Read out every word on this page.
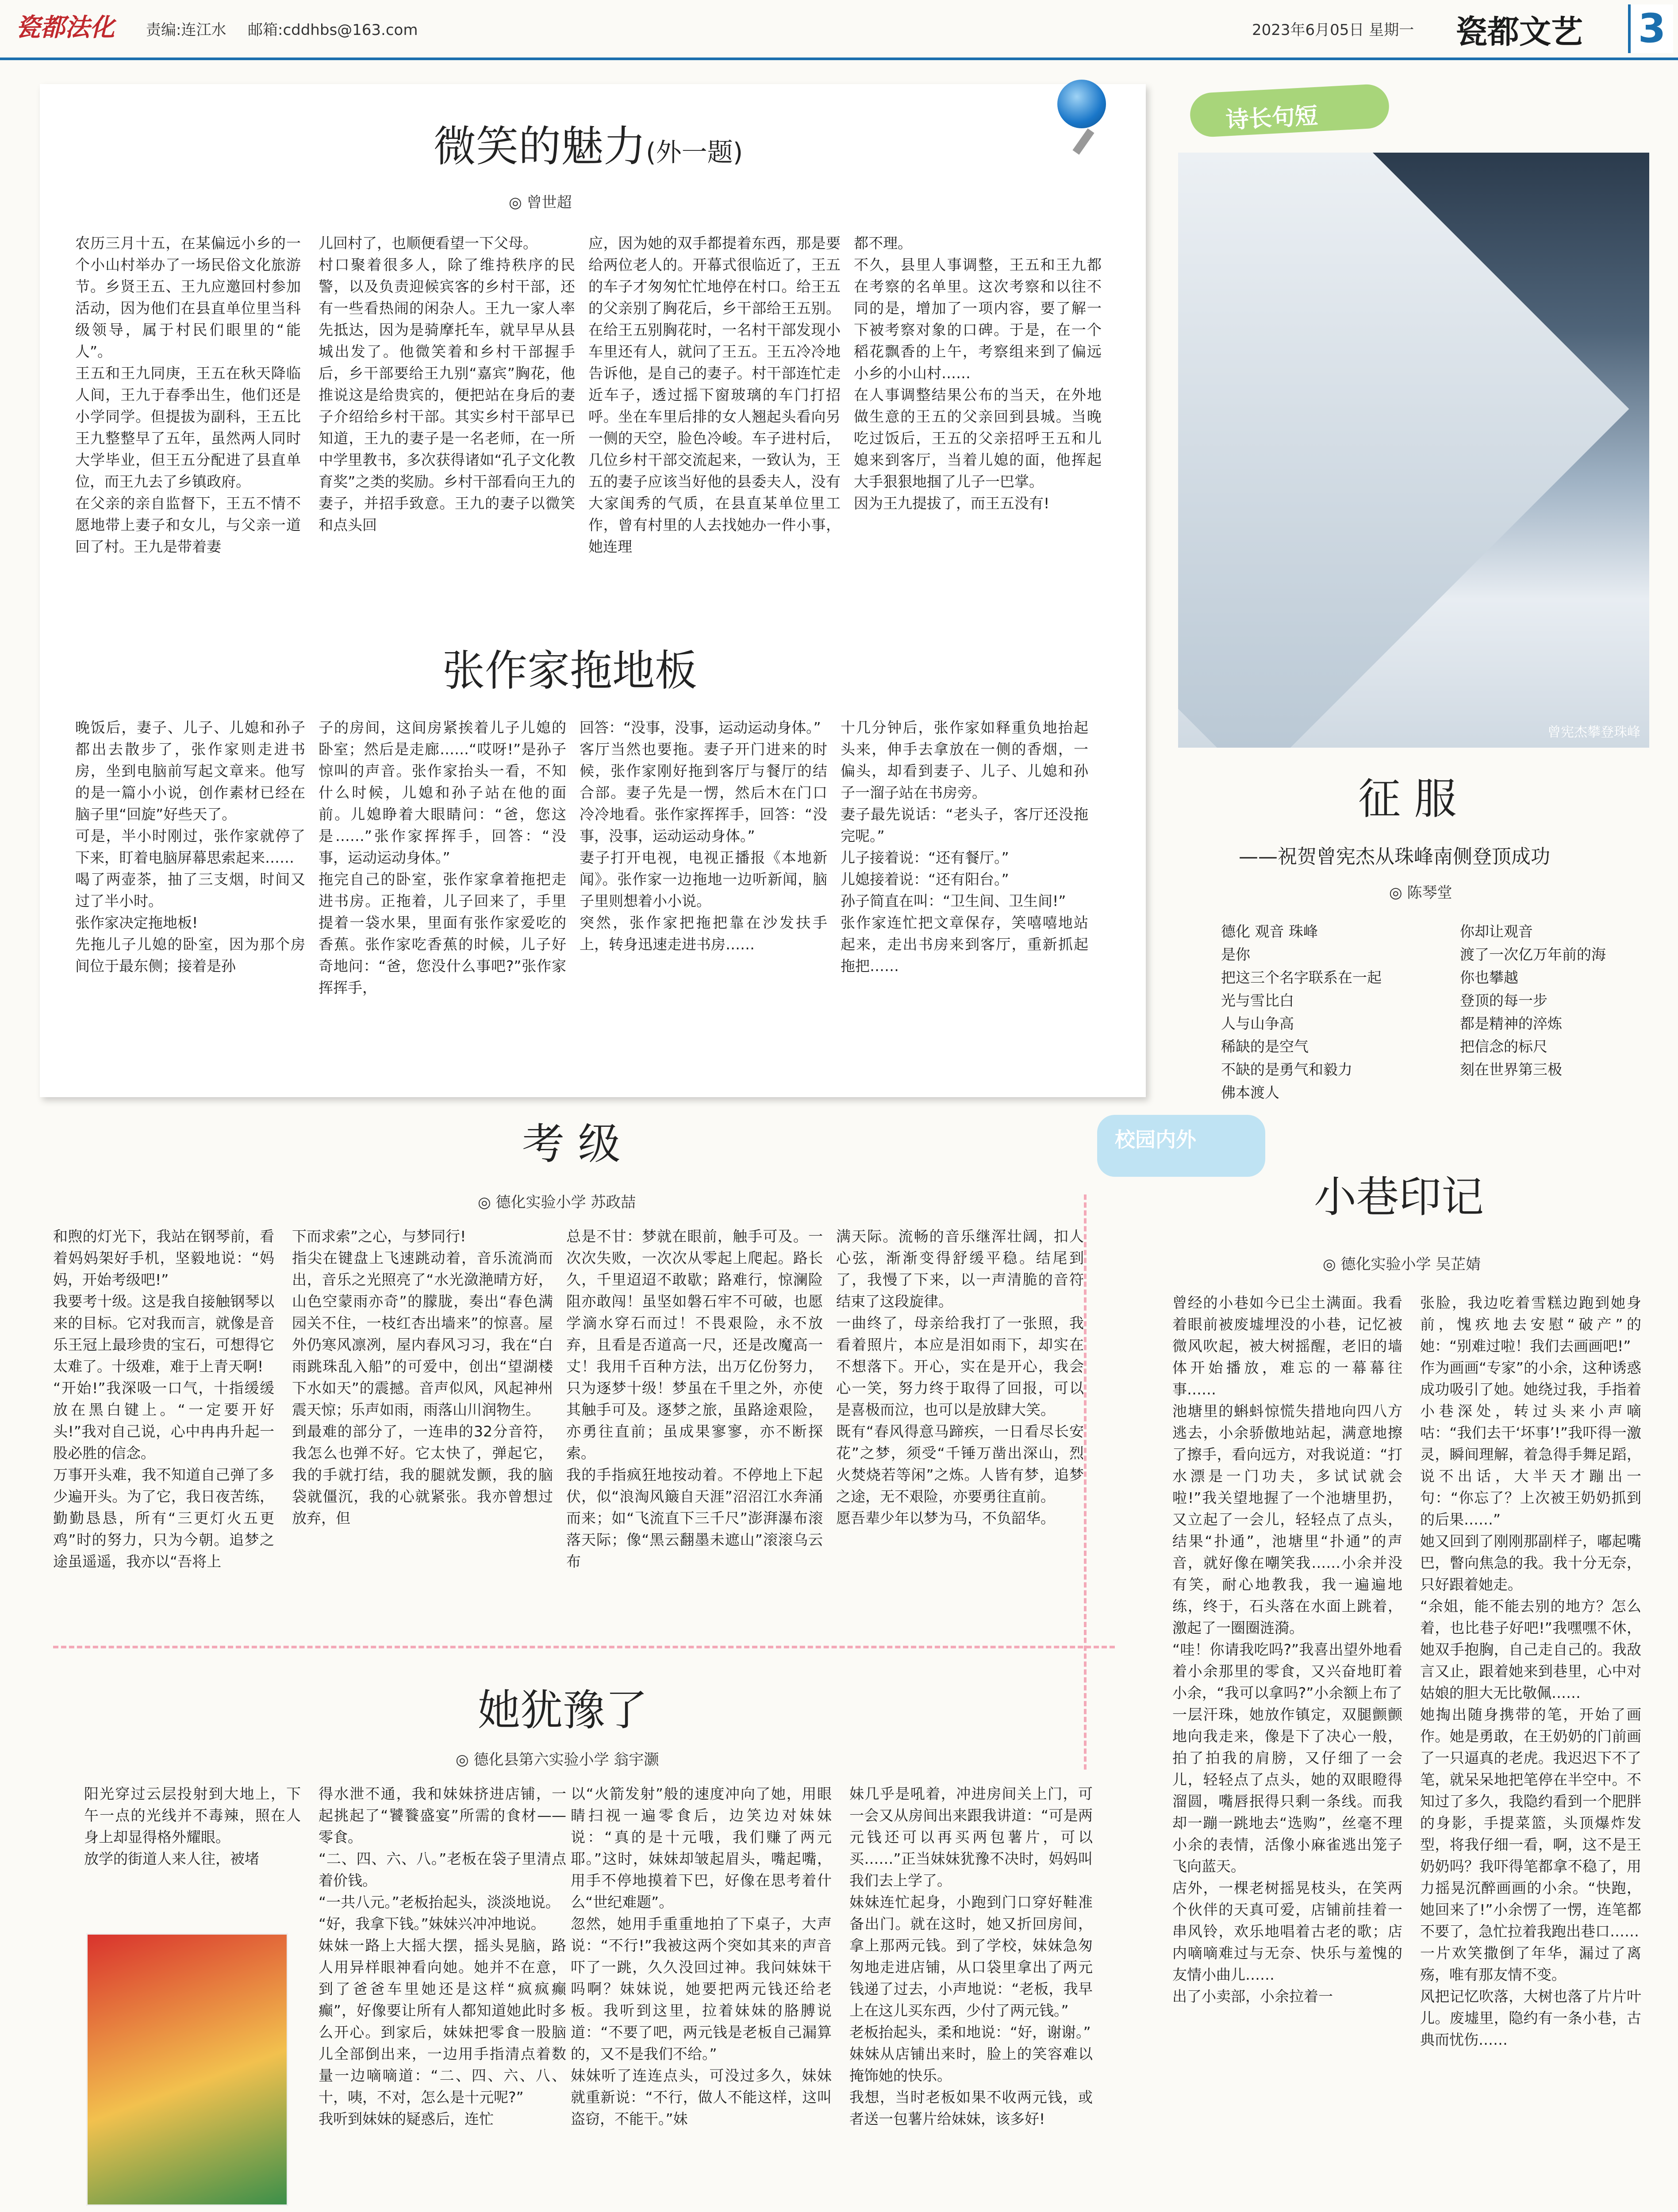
瓷都法化 责编:连江水 邮箱:cddhbs@163.com	2023年6月05日 星期一 瓷都文艺 3
微笑的魅力(外一题)
◎ 曾世超
农历三月十五，在某偏远小乡的一个小山村举办了一场民俗文化旅游节。乡贤王五、王九应邀回村参加活动，因为他们在县直单位里当科级领导，属于村民们眼里的“能人”。
王五和王九同庚，王五在秋天降临人间，王九于春季出生，他们还是小学同学。但提拔为副科，王五比王九整整早了五年，虽然两人同时大学毕业，但王五分配进了县直单位，而王九去了乡镇政府。
在父亲的亲自监督下，王五不情不愿地带上妻子和女儿，与父亲一道回了村。王九是带着妻
儿回村了，也顺便看望一下父母。
村口聚着很多人，除了维持秩序的民警，以及负责迎候宾客的乡村干部，还有一些看热闹的闲杂人。王九一家人率先抵达，因为是骑摩托车，就早早从县城出发了。他微笑着和乡村干部握手后，乡干部要给王九别“嘉宾”胸花，他推说这是给贵宾的，便把站在身后的妻子介绍给乡村干部。其实乡村干部早已知道，王九的妻子是一名老师，在一所中学里教书，多次获得诸如“孔子文化教育奖”之类的奖励。乡村干部看向王九的妻子，并招手致意。王九的妻子以微笑和点头回
应，因为她的双手都提着东西，那是要给两位老人的。开幕式很临近了，王五的车子才匆匆忙忙地停在村口。给王五的父亲别了胸花后，乡干部给王五别。在给王五别胸花时，一名村干部发现小车里还有人，就问了王五。王五冷冷地告诉他，是自己的妻子。村干部连忙走近车子，透过摇下窗玻璃的车门打招呼。坐在车里后排的女人翘起头看向另一侧的天空，脸色冷峻。车子进村后，几位乡村干部交流起来，一致认为，王五的妻子应该当好他的县委夫人，没有大家闺秀的气质，在县直某单位里工作，曾有村里的人去找她办一件小事，她连理
都不理。
不久，县里人事调整，王五和王九都在考察的名单里。这次考察和以往不同的是，增加了一项内容，要了解一下被考察对象的口碑。于是，在一个稻花飘香的上午，考察组来到了偏远小乡的小山村……
在人事调整结果公布的当天，在外地做生意的王五的父亲回到县城。当晚吃过饭后，王五的父亲招呼王五和儿媳来到客厅，当着儿媳的面，他挥起大手狠狠地掴了儿子一巴掌。
因为王九提拔了，而王五没有!
张作家拖地板
晚饭后，妻子、儿子、儿媳和孙子都出去散步了，张作家则走进书房，坐到电脑前写起文章来。他写的是一篇小小说，创作素材已经在脑子里“回旋”好些天了。
可是，半小时刚过，张作家就停了下来，盯着电脑屏幕思索起来……
喝了两壶茶，抽了三支烟，时间又过了半小时。
张作家决定拖地板!
先拖儿子儿媳的卧室，因为那个房间位于最东侧；接着是孙
子的房间，这间房紧挨着儿子儿媳的卧室；然后是走廊……“哎呀!”是孙子惊叫的声音。张作家抬头一看，不知什么时候，儿媳和孙子站在他的面前。儿媳睁着大眼睛问：“爸，您这是……”张作家挥挥手，回答：“没事，运动运动身体。”
拖完自己的卧室，张作家拿着拖把走进书房。正拖着，儿子回来了，手里提着一袋水果，里面有张作家爱吃的香蕉。张作家吃香蕉的时候，儿子好奇地问：“爸，您没什么事吧?”张作家挥挥手，
回答：“没事，没事，运动运动身体。”
客厅当然也要拖。妻子开门进来的时候，张作家刚好拖到客厅与餐厅的结合部。妻子先是一愣，然后木在门口冷冷地看。张作家挥挥手，回答：“没事，没事，运动运动身体。”
妻子打开电视，电视正播报《本地新闻》。张作家一边拖地一边听新闻，脑子里则想着小小说。
突然，张作家把拖把靠在沙发扶手上，转身迅速走进书房……
十几分钟后，张作家如释重负地抬起头来，伸手去拿放在一侧的香烟，一偏头，却看到妻子、儿子、儿媳和孙子一溜子站在书房旁。
妻子最先说话：“老头子，客厅还没拖完呢。”
儿子接着说：“还有餐厅。”
儿媳接着说：“还有阳台。”
孙子简直在叫：“卫生间、卫生间!”
张作家连忙把文章保存，笑嘻嘻地站起来，走出书房来到客厅，重新抓起拖把……
诗长句短
曾宪杰攀登珠峰
征 服
——祝贺曾宪杰从珠峰南侧登顶成功
◎ 陈琴堂
德化 观音 珠峰
是你
把这三个名字联系在一起
光与雪比白
人与山争高
稀缺的是空气
不缺的是勇气和毅力
佛本渡人
你却让观音
渡了一次亿万年前的海
你也攀越
登顶的每一步
都是精神的淬炼
把信念的标尺
刻在世界第三极
考 级
◎ 德化实验小学 苏政喆
和煦的灯光下，我站在钢琴前，看着妈妈架好手机，坚毅地说：“妈妈，开始考级吧!”
我要考十级。这是我自接触钢琴以来的目标。它对我而言，就像是音乐王冠上最珍贵的宝石，可想得它太难了。十级难，难于上青天啊!
“开始!”我深吸一口气，十指缓缓放在黑白键上。“一定要开好头!”我对自己说，心中冉冉升起一股必胜的信念。
万事开头难，我不知道自己弹了多少遍开头。为了它，我日夜苦练，勤勤恳恳，所有“三更灯火五更鸡”时的努力，只为今朝。追梦之途虽遥遥，我亦以“吾将上
下而求索”之心，与梦同行!
指尖在键盘上飞速跳动着，音乐流淌而出，音乐之光照亮了“水光潋滟晴方好，山色空蒙雨亦奇”的朦胧，奏出“春色满园关不住，一枝红杏出墙来”的惊喜。屋外仍寒风凛冽，屋内春风习习，我在“白雨跳珠乱入船”的可爱中，创出“望湖楼下水如天”的震撼。音声似风，风起神州震天惊；乐声如雨，雨落山川润物生。
到最难的部分了，一连串的32分音符，我怎么也弹不好。它太快了，弹起它，我的手就打结，我的腿就发颤，我的脑袋就僵沉，我的心就紧张。我亦曾想过放弃，但
总是不甘：梦就在眼前，触手可及。一次次失败，一次次从零起上爬起。路长久，千里迢迢不敢歇；路难行，惊澜险阻亦敢闯！虽坚如磐石牢不可破，也愿学滴水穿石而过！不畏艰险，永不放弃，且看是否道高一尺，还是改魔高一丈！我用千百种方法，出万亿份努力，只为逐梦十级！梦虽在千里之外，亦使其触手可及。逐梦之旅，虽路途艰险，亦勇往直前；虽成果寥寥，亦不断探索。
我的手指疯狂地按动着。不停地上下起伏，似“浪淘风簸自天涯”沼沼江水奔涌而来；如“飞流直下三千尺”澎湃瀑布滚落天际；像“黑云翻墨未遮山”滚滚乌云布
满天际。流畅的音乐继浑壮阔，扣人心弦，渐渐变得舒缓平稳。结尾到了，我慢了下来，以一声清脆的音符结束了这段旋律。
一曲终了，母亲给我打了一张照，我看着照片，本应是泪如雨下，却实在不想落下。开心，实在是开心，我会心一笑，努力终于取得了回报，可以是喜极而泣，也可以是放肆大笑。
既有“春风得意马蹄疾，一日看尽长安花”之梦，须受“千锤万凿出深山，烈火焚烧若等闲”之炼。人皆有梦，追梦之途，无不艰险，亦要勇往直前。
愿吾辈少年以梦为马，不负韶华。
校园内外
小巷印记
◎ 德化实验小学 吴芷婧
曾经的小巷如今已尘土满面。我看着眼前被废墟埋没的小巷，记忆被微风吹起，被大树摇醒，老旧的墙体开始播放，难忘的一幕幕往事……
池塘里的蝌蚪惊慌失措地向四八方逃去，小余骄傲地站起，满意地擦了擦手，看向远方，对我说道：“打水漂是一门功夫，多试试就会啦!”我关望地握了一个池塘里扔，又立起了一会儿，轻轻点了点头，结果“扑通”，池塘里“扑通”的声音，就好像在嘲笑我……小余并没有笑，耐心地教我，我一遍遍地练，终于，石头落在水面上跳着，激起了一圈圈涟漪。
“哇！你请我吃吗?”我喜出望外地看着小余那里的零食，又兴奋地盯着小余，“我可以拿吗?”小余额上布了一层汗珠，她放作镇定，双腿颤颤地向我走来，像是下了决心一般，拍了拍我的肩膀，又仔细了一会儿，轻轻点了点头，她的双眼瞪得溜圆，嘴唇抿得只剩一条线。而我却一蹦一跳地去“选购”，丝毫不理小余的表情，活像小麻雀逃出笼子飞向蓝天。
店外，一棵老树摇晃枝头，在笑两个伙伴的天真可爱，店铺前挂着一串风铃，欢乐地唱着古老的歌；店内嘀嘀难过与无奈、快乐与羞愧的友情小曲儿……
出了小卖部，小余拉着一
张脸，我边吃着雪糕边跑到她身前，愧疚地去安慰“破产”的她：“别难过啦！我们去画画吧!”
作为画画“专家”的小余，这种诱惑成功吸引了她。她绕过我，手指着小巷深处，转过头来小声嘀咕：“我们去干‘坏事’!”我吓得一激灵，瞬间理解，着急得手舞足蹈，说不出话，大半天才蹦出一句：“你忘了？上次被王奶奶抓到的后果……”
她又回到了刚刚那副样子，嘟起嘴巴，瞥向焦急的我。我十分无奈，只好跟着她走。
“余姐，能不能去别的地方？怎么着，也比巷子好吧!”我嘿嘿不休，她双手抱胸，自己走自己的。我敌言又止，跟着她来到巷里，心中对姑娘的胆大无比敬佩……
她掏出随身携带的笔，开始了画作。她是勇敢，在王奶奶的门前画了一只逼真的老虎。我迟迟下不了笔，就呆呆地把笔停在半空中。不知过了多久，我隐约看到一个肥胖的身影，手提菜篮，头顶爆炸发型，将我仔细一看，啊，这不是王奶奶吗？我吓得笔都拿不稳了，用力摇晃沉醉画画的小余。“快跑，她回来了!”小余愣了一愣，连笔都不要了，急忙拉着我跑出巷口……
一片欢笑撒倒了年华，漏过了离殇，唯有那友情不变。
风把记忆吹落，大树也落了片片叶儿。废墟里，隐约有一条小巷，古典而忧伤……
她犹豫了
◎ 德化县第六实验小学 翁宇灏
阳光穿过云层投射到大地上，下午一点的光线并不毒辣，照在人身上却显得格外耀眼。
放学的街道人来人往，被堵
得水泄不通，我和妹妹挤进店铺，一起挑起了“饕餮盛宴”所需的食材——零食。
“二、四、六、八。”老板在袋子里清点着价钱。
“一共八元。”老板抬起头，淡淡地说。
“好，我拿下钱。”妹妹兴冲冲地说。
妹妹一路上大摇大摆，摇头晃脑，路人用异样眼神看向她。她并不在意，到了爸爸车里她还是这样“疯疯癫癫”，好像要让所有人都知道她此时多么开心。到家后，妹妹把零食一股脑儿全部倒出来，一边用手指清点着数量一边嘀嘀道：“二、四、六、八、十，咦，不对，怎么是十元呢?”
我听到妹妹的疑惑后，连忙
以“火箭发射”般的速度冲向了她，用眼睛扫视一遍零食后，边笑边对妹妹说：“真的是十元哦，我们赚了两元耶。”这时，妹妹却皱起眉头，嘴起嘴，用手不停地摸着下巴，好像在思考着什么“世纪难题”。
忽然，她用手重重地拍了下桌子，大声说：“不行!”我被这两个突如其来的声音吓了一跳，久久没回过神。我问妹妹干吗啊？妹妹说，她要把两元钱还给老板。我听到这里，拉着妹妹的胳膊说道：“不要了吧，两元钱是老板自己漏算的，又不是我们不给。”
妹妹听了连连点头，可没过多久，妹妹就重新说：“不行，做人不能这样，这叫盗窃，不能干。”妹
妹几乎是吼着，冲进房间关上门，可一会又从房间出来跟我讲道：“可是两元钱还可以再买两包薯片，可以买……”正当妹妹犹豫不决时，妈妈叫我们去上学了。
妹妹连忙起身，小跑到门口穿好鞋准备出门。就在这时，她又折回房间，拿上那两元钱。到了学校，妹妹急匆匆地走进店铺，从口袋里拿出了两元钱递了过去，小声地说：“老板，我早上在这儿买东西，少付了两元钱。”
老板抬起头，柔和地说：“好，谢谢。”
妹妹从店铺出来时，脸上的笑容难以掩饰她的快乐。
我想，当时老板如果不收两元钱，或者送一包薯片给妹妹，该多好!
